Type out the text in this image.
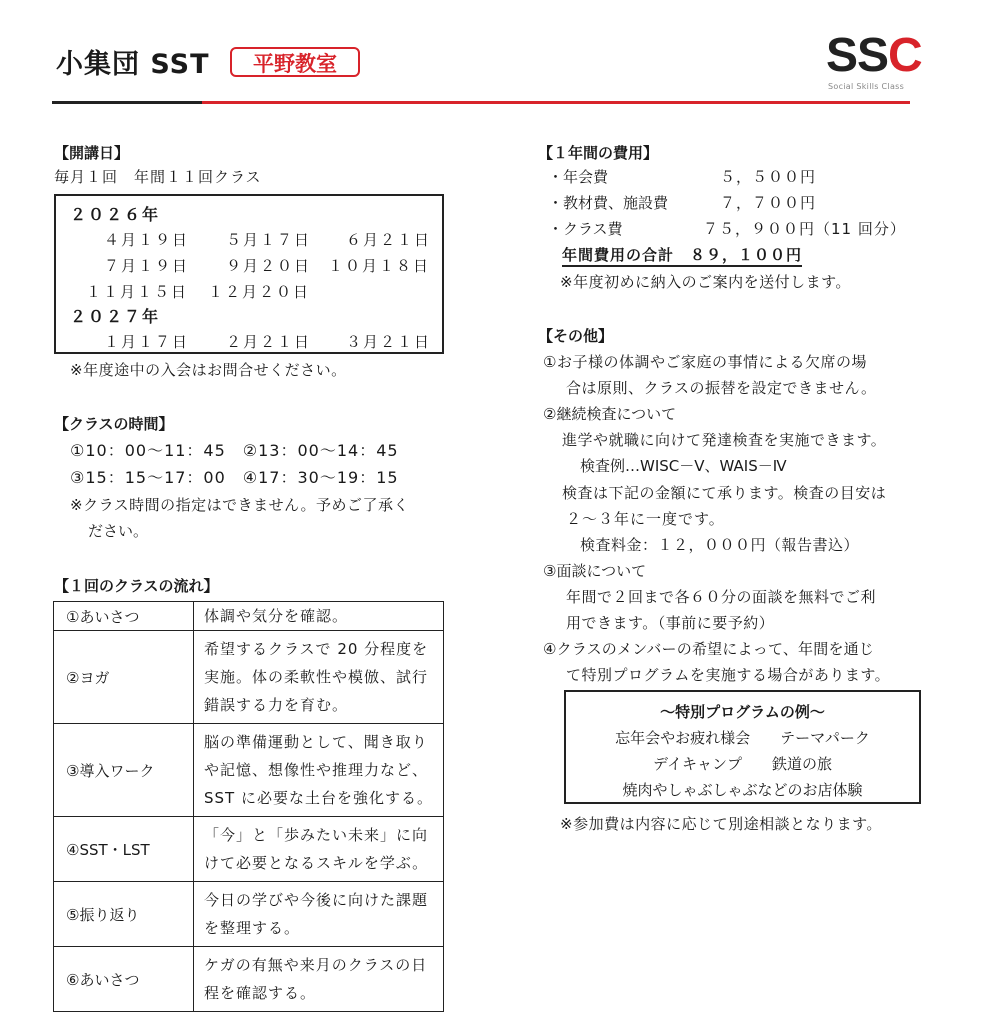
小集団 SST	平野教室	SSC
Social Skills Class
【開講日】
毎月１回　年間１１回クラス
２０２６年
４月１９日 ５月１７日 ６月２１日
７月１９日 ９月２０日 １０月１８日
１１月１５日 １２月２０日
２０２７年
１月１７日 ２月２１日 ３月２１日
※年度途中の入会はお問合せください。
【クラスの時間】
①10：00～11：45　②13：00～14：45
③15：15～17：00　④17：30～19：15
※クラス時間の指定はできません。予めご了承く
ださい。
【１回のクラスの流れ】
①あいさつ	体調や気分を確認。

②ヨガ	希望するクラスで 20 分程度を
実施。体の柔軟性や模倣、試行
錯誤する力を育む。

③導入ワーク	脳の準備運動として、聞き取り
や記憶、想像性や推理力など、
SST に必要な土台を強化する。

④SST・LST	「今」と「歩みたい未来」に向
けて必要となるスキルを学ぶ。

⑤振り返り	今日の学びや今後に向けた課題
を整理する。

⑥あいさつ	ケガの有無や来月のクラスの日
程を確認する。
【１年間の費用】
・年会費	５，５００円
・教材費、施設費	７，７００円
・クラス費	７５，９００円（11 回分）
年間費用の合計　８９，１００円
※年度初めに納入のご案内を送付します。
【その他】
①お子様の体調やご家庭の事情による欠席の場
合は原則、クラスの振替を設定できません。
②継続検査について
進学や就職に向けて発達検査を実施できます。
検査例…WISC－Ⅴ、WAIS－Ⅳ
検査は下記の金額にて承ります。検査の目安は
２～３年に一度です。
検査料金：１２，０００円（報告書込）
③面談について
年間で２回まで各６０分の面談を無料でご利
用できます。（事前に要予約）
④クラスのメンバーの希望によって、年間を通じ
て特別プログラムを実施する場合があります。
～特別プログラムの例～
忘年会やお疲れ様会　　テーマパーク
デイキャンプ　　鉄道の旅
焼肉やしゃぶしゃぶなどのお店体験
※参加費は内容に応じて別途相談となります。
